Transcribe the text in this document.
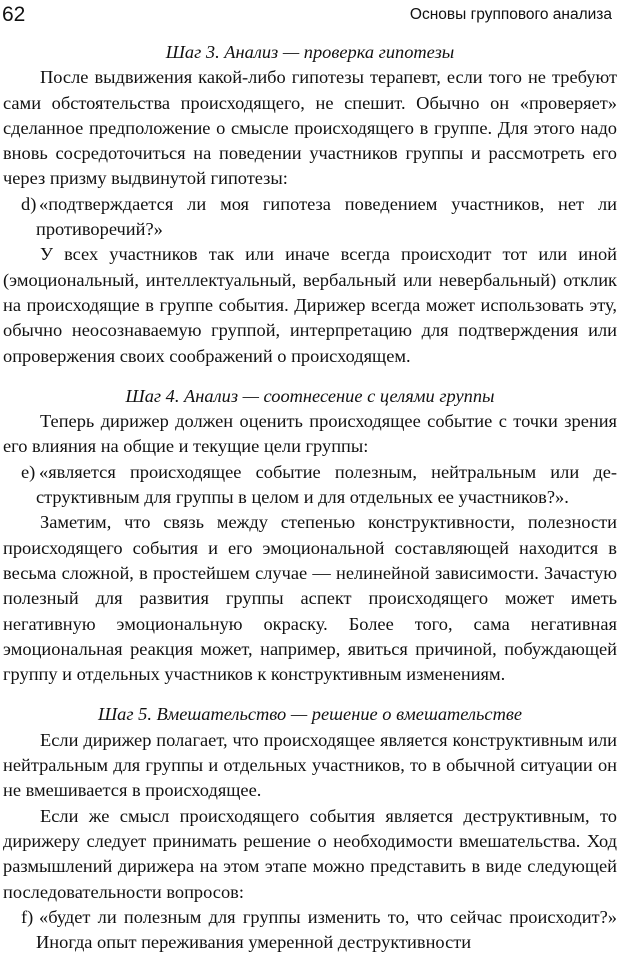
62	Основы группового анализа
Шаг 3. Анализ — проверка гипотезы

После выдвижения какой-либо гипотезы терапевт, если того не требуют сами обстоятельства происходящего, не спешит. Обычно он «проверяет» сделанное предположение о смысле происходящего в группе. Для этого надо вновь сосредоточиться на поведении участников группы и рассмотреть его через призму выдвинутой гипотезы:

d) «подтверждается ли моя гипотеза поведением участников, нет ли противоречий?»

У всех участников так или иначе всегда происходит тот или иной (эмоциональный, интеллектуальный, вербальный или невербальный) отклик на происходящие в группе события. Дирижер всегда может использовать эту, обычно неосознаваемую группой, интерпретацию для подтверждения или опровержения своих соображений о происходящем.

Шаг 4. Анализ — соотнесение с целями группы

Теперь дирижер должен оценить происходящее событие с точки зрения его влияния на общие и текущие цели группы:

e) «является происходящее событие полезным, нейтральным или деструктивным для группы в целом и для отдельных ее участников?».

Заметим, что связь между степенью конструктивности, полезности происходящего события и его эмоциональной составляющей находится в весьма сложной, в простейшем случае — нелинейной зависимости. Зачастую полезный для развития группы аспект происходящего может иметь негативную эмоциональную окраску. Более того, сама негативная эмоциональная реакция может, например, явиться причиной, побуждающей группу и отдельных участников к конструктивным изменениям.

Шаг 5. Вмешательство — решение о вмешательстве

Если дирижер полагает, что происходящее является конструктивным или нейтральным для группы и отдельных участников, то в обычной ситуации он не вмешивается в происходящее.

Если же смысл происходящего события является деструктивным, то дирижеру следует принимать решение о необходимости вмешательства. Ход размышлений дирижера на этом этапе можно представить в виде следующей последовательности вопросов:

f) «будет ли полезным для группы изменить то, что сейчас происходит?» Иногда опыт переживания умеренной деструктивности
